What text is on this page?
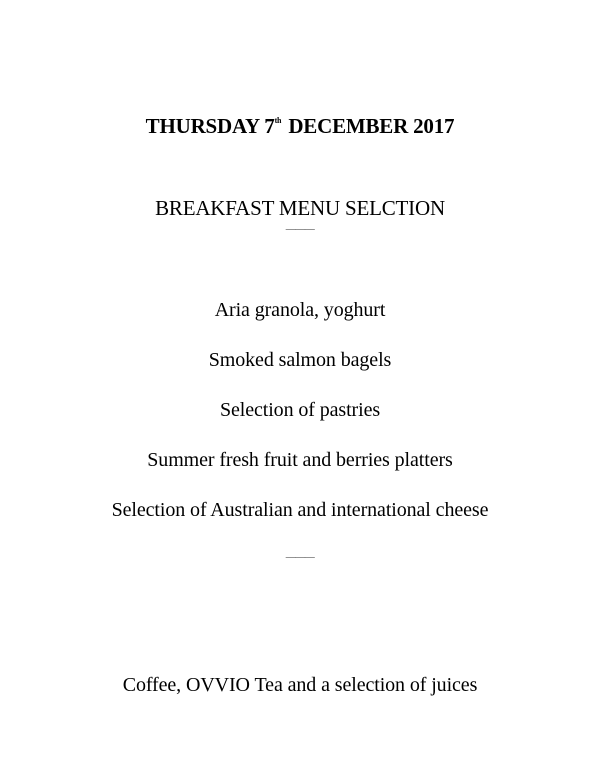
THURSDAY 7th DECEMBER 2017
BREAKFAST MENU SELCTION
———
Aria granola, yoghurt
Smoked salmon bagels
Selection of pastries
Summer fresh fruit and berries platters
Selection of Australian and international cheese
———
Coffee, OVVIO Tea and a selection of juices
